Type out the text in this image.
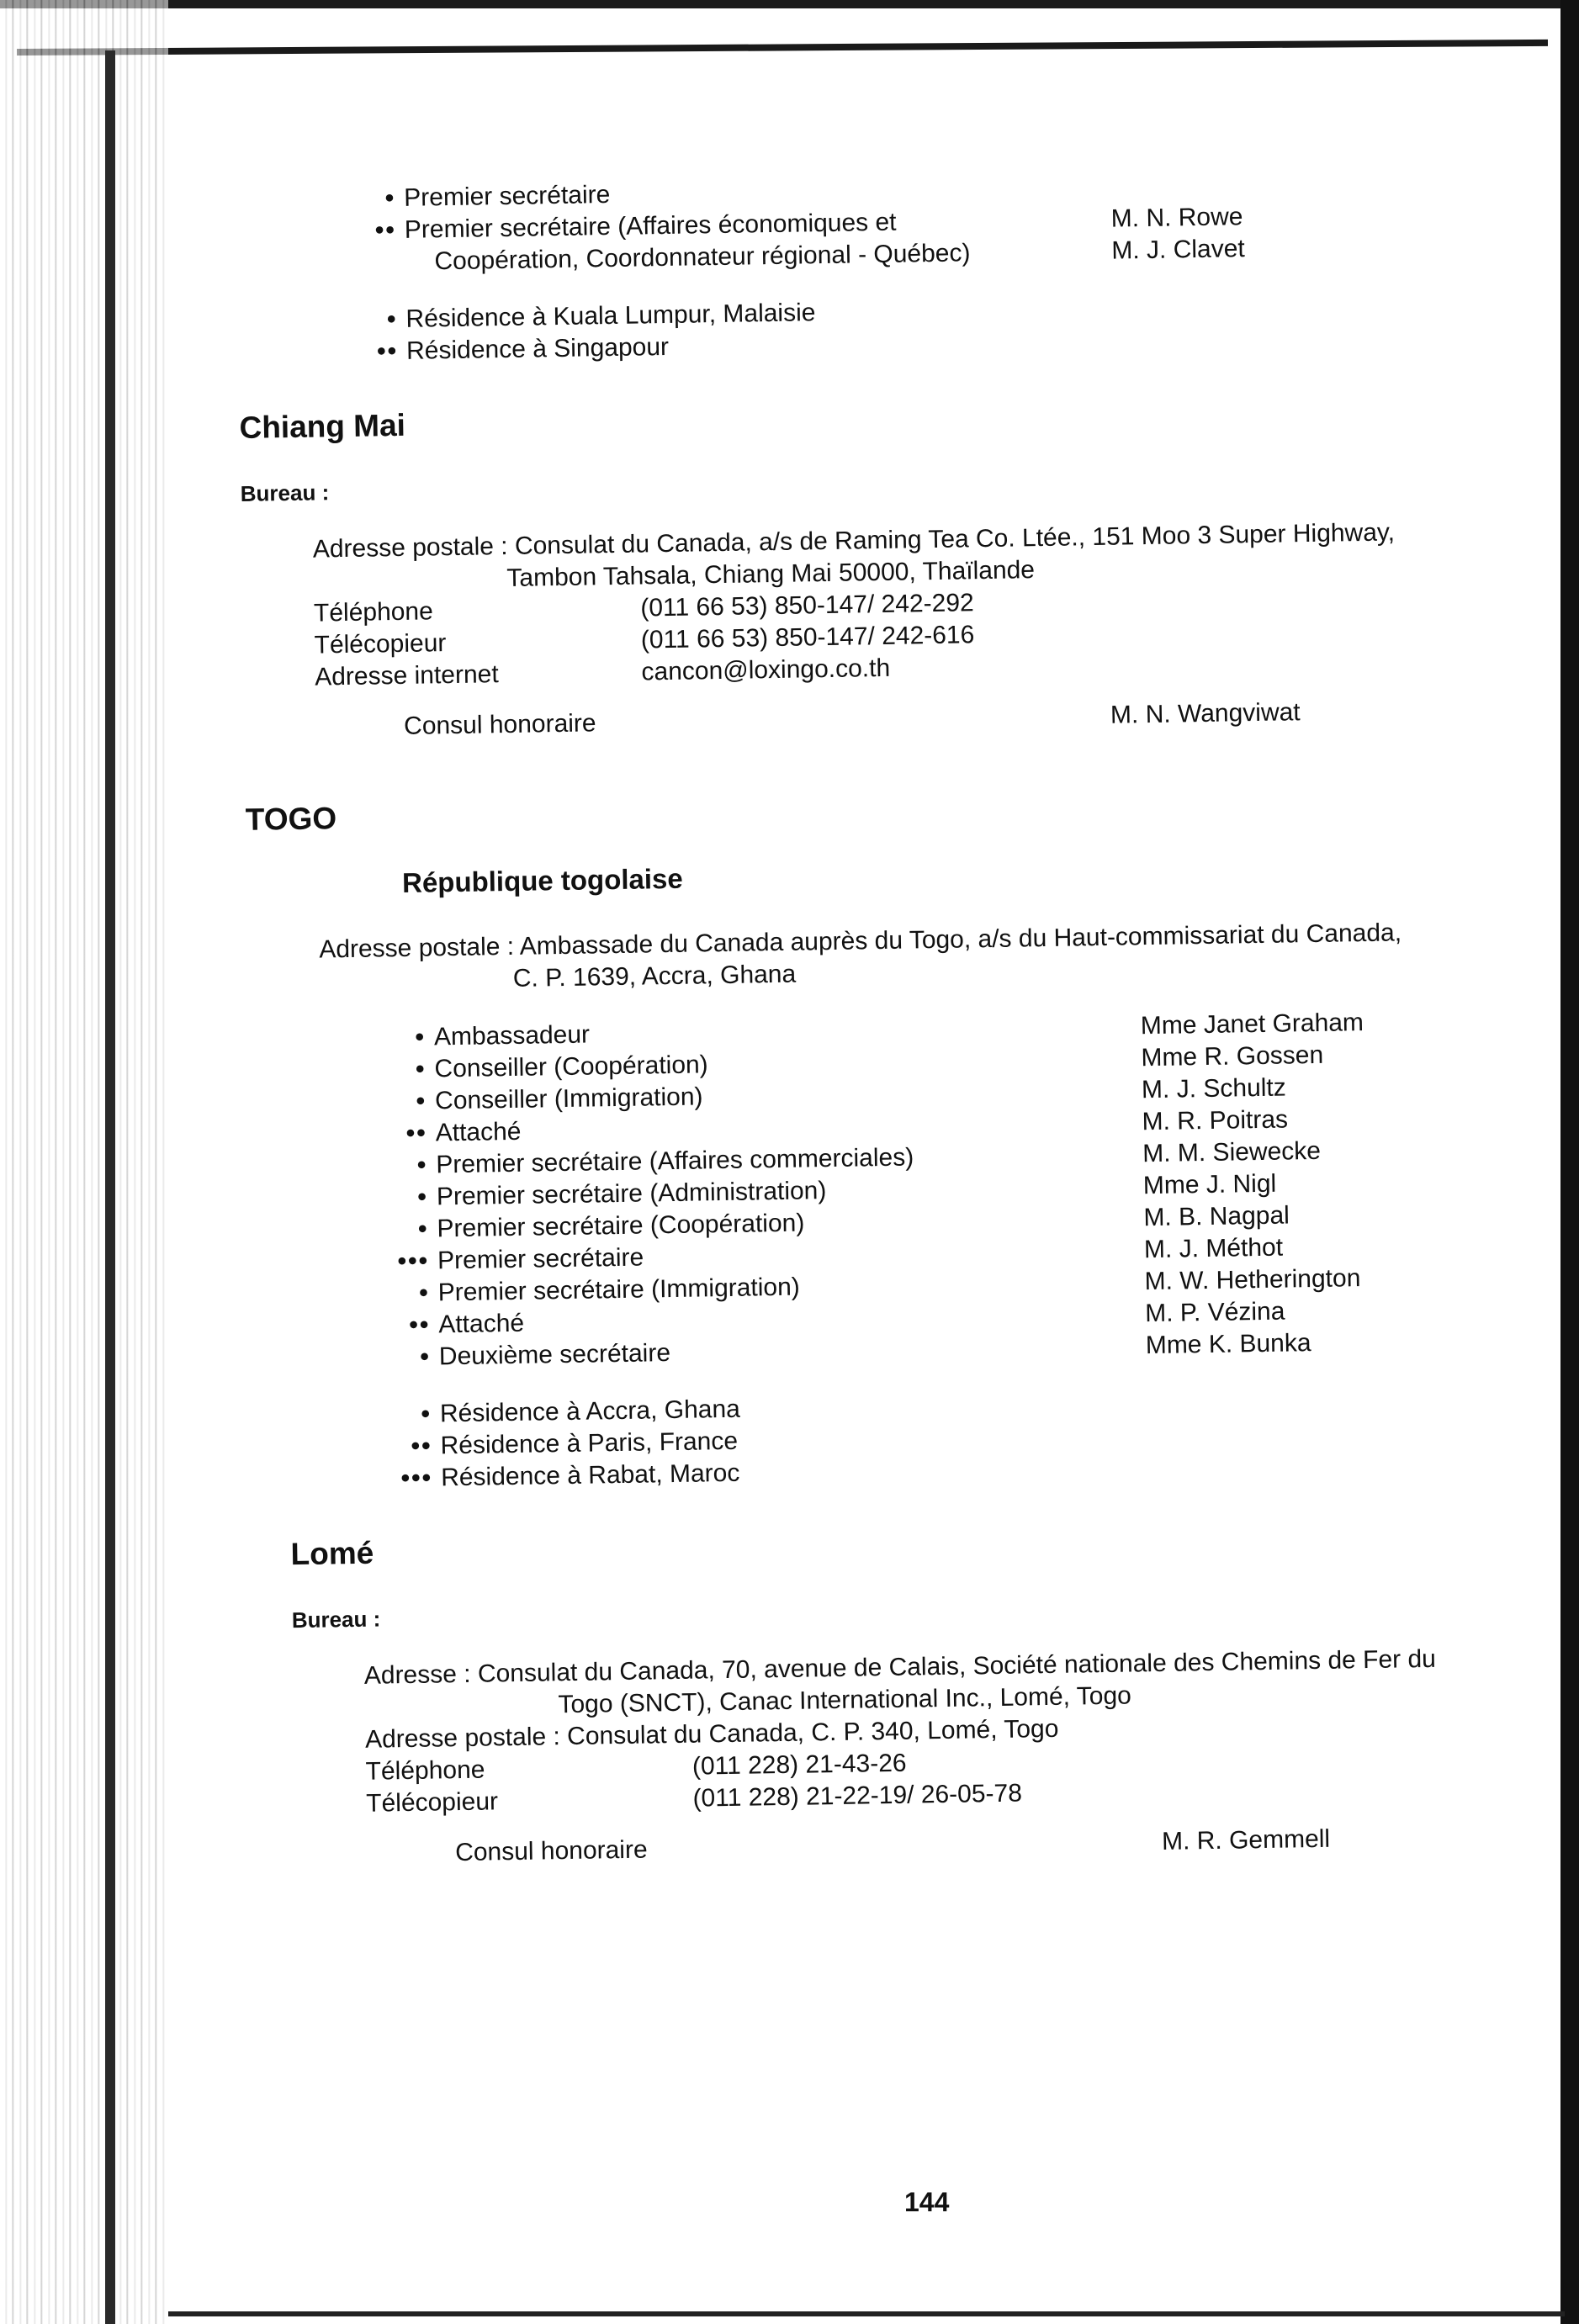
• Premier secrétaire
•• Premier secrétaire (Affaires économiques et	M. N. Rowe
Coopération, Coordonnateur régional - Québec)	M. J. Clavet
• Résidence à Kuala Lumpur, Malaisie
•• Résidence à Singapour
Chiang Mai
Bureau :
Adresse postale : Consulat du Canada, a/s de Raming Tea Co. Ltée., 151 Moo 3 Super Highway,
Tambon Tahsala, Chiang Mai 50000, Thaïlande
Téléphone	(011 66 53) 850-147/ 242-292
Télécopieur	(011 66 53) 850-147/ 242-616
Adresse internet	cancon@loxingo.co.th
Consul honoraire	M. N. Wangviwat
TOGO
République togolaise
Adresse postale : Ambassade du Canada auprès du Togo, a/s du Haut-commissariat du Canada,
C. P. 1639, Accra, Ghana
• Ambassadeur	Mme Janet Graham
• Conseiller (Coopération)	Mme R. Gossen
• Conseiller (Immigration)	M. J. Schultz
•• Attaché	M. R. Poitras
• Premier secrétaire (Affaires commerciales)	M. M. Siewecke
• Premier secrétaire (Administration)	Mme J. Nigl
• Premier secrétaire (Coopération)	M. B. Nagpal
••• Premier secrétaire	M. J. Méthot
• Premier secrétaire (Immigration)	M. W. Hetherington
•• Attaché	M. P. Vézina
• Deuxième secrétaire	Mme K. Bunka
• Résidence à Accra, Ghana
•• Résidence à Paris, France
••• Résidence à Rabat, Maroc
Lomé
Bureau :
Adresse : Consulat du Canada, 70, avenue de Calais, Société nationale des Chemins de Fer du
Togo (SNCT), Canac International Inc., Lomé, Togo
Adresse postale : Consulat du Canada, C. P. 340, Lomé, Togo
Téléphone	(011 228) 21-43-26
Télécopieur	(011 228) 21-22-19/ 26-05-78
Consul honoraire	M. R. Gemmell
144
